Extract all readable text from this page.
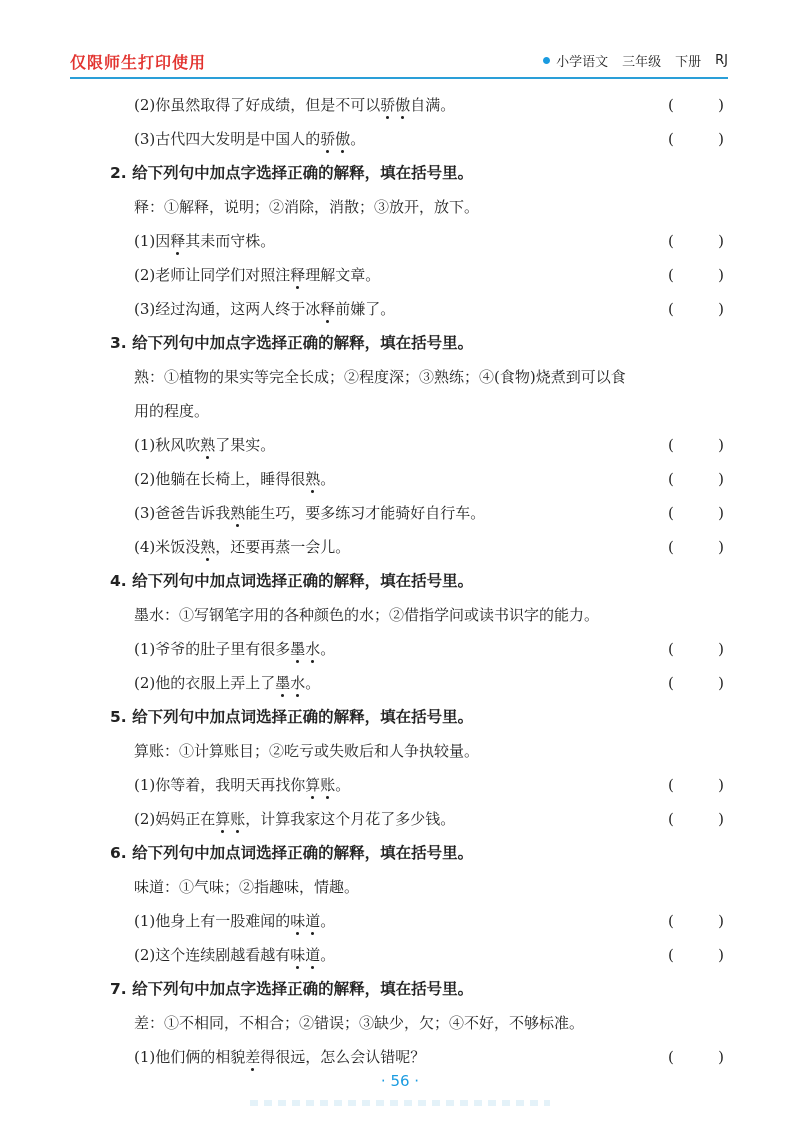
仅限师生打印使用	小学语文 三年级 下册 RJ
(2)你虽然取得了好成绩，但是不可以骄傲自满。	(	)
(3)古代四大发明是中国人的骄傲。	(	)
2. 给下列句中加点字选择正确的解释，填在括号里。
释：①解释，说明；②消除，消散；③放开，放下。
(1)因释其耒而守株。	(	)
(2)老师让同学们对照注释理解文章。	(	)
(3)经过沟通，这两人终于冰释前嫌了。	(	)
3. 给下列句中加点字选择正确的解释，填在括号里。
熟：①植物的果实等完全长成；②程度深；③熟练；④(食物)烧煮到可以食
用的程度。
(1)秋风吹熟了果实。	(	)
(2)他躺在长椅上，睡得很熟。	(	)
(3)爸爸告诉我熟能生巧，要多练习才能骑好自行车。	(	)
(4)米饭没熟，还要再蒸一会儿。	(	)
4. 给下列句中加点词选择正确的解释，填在括号里。
墨水：①写钢笔字用的各种颜色的水；②借指学问或读书识字的能力。
(1)爷爷的肚子里有很多墨水。	(	)
(2)他的衣服上弄上了墨水。	(	)
5. 给下列句中加点词选择正确的解释，填在括号里。
算账：①计算账目；②吃亏或失败后和人争执较量。
(1)你等着，我明天再找你算账。	(	)
(2)妈妈正在算账，计算我家这个月花了多少钱。	(	)
6. 给下列句中加点词选择正确的解释，填在括号里。
味道：①气味；②指趣味，情趣。
(1)他身上有一股难闻的味道。	(	)
(2)这个连续剧越看越有味道。	(	)
7. 给下列句中加点字选择正确的解释，填在括号里。
差：①不相同，不相合；②错误；③缺少，欠；④不好，不够标准。
(1)他们俩的相貌差得很远，怎么会认错呢？	(	)
· 56 ·
